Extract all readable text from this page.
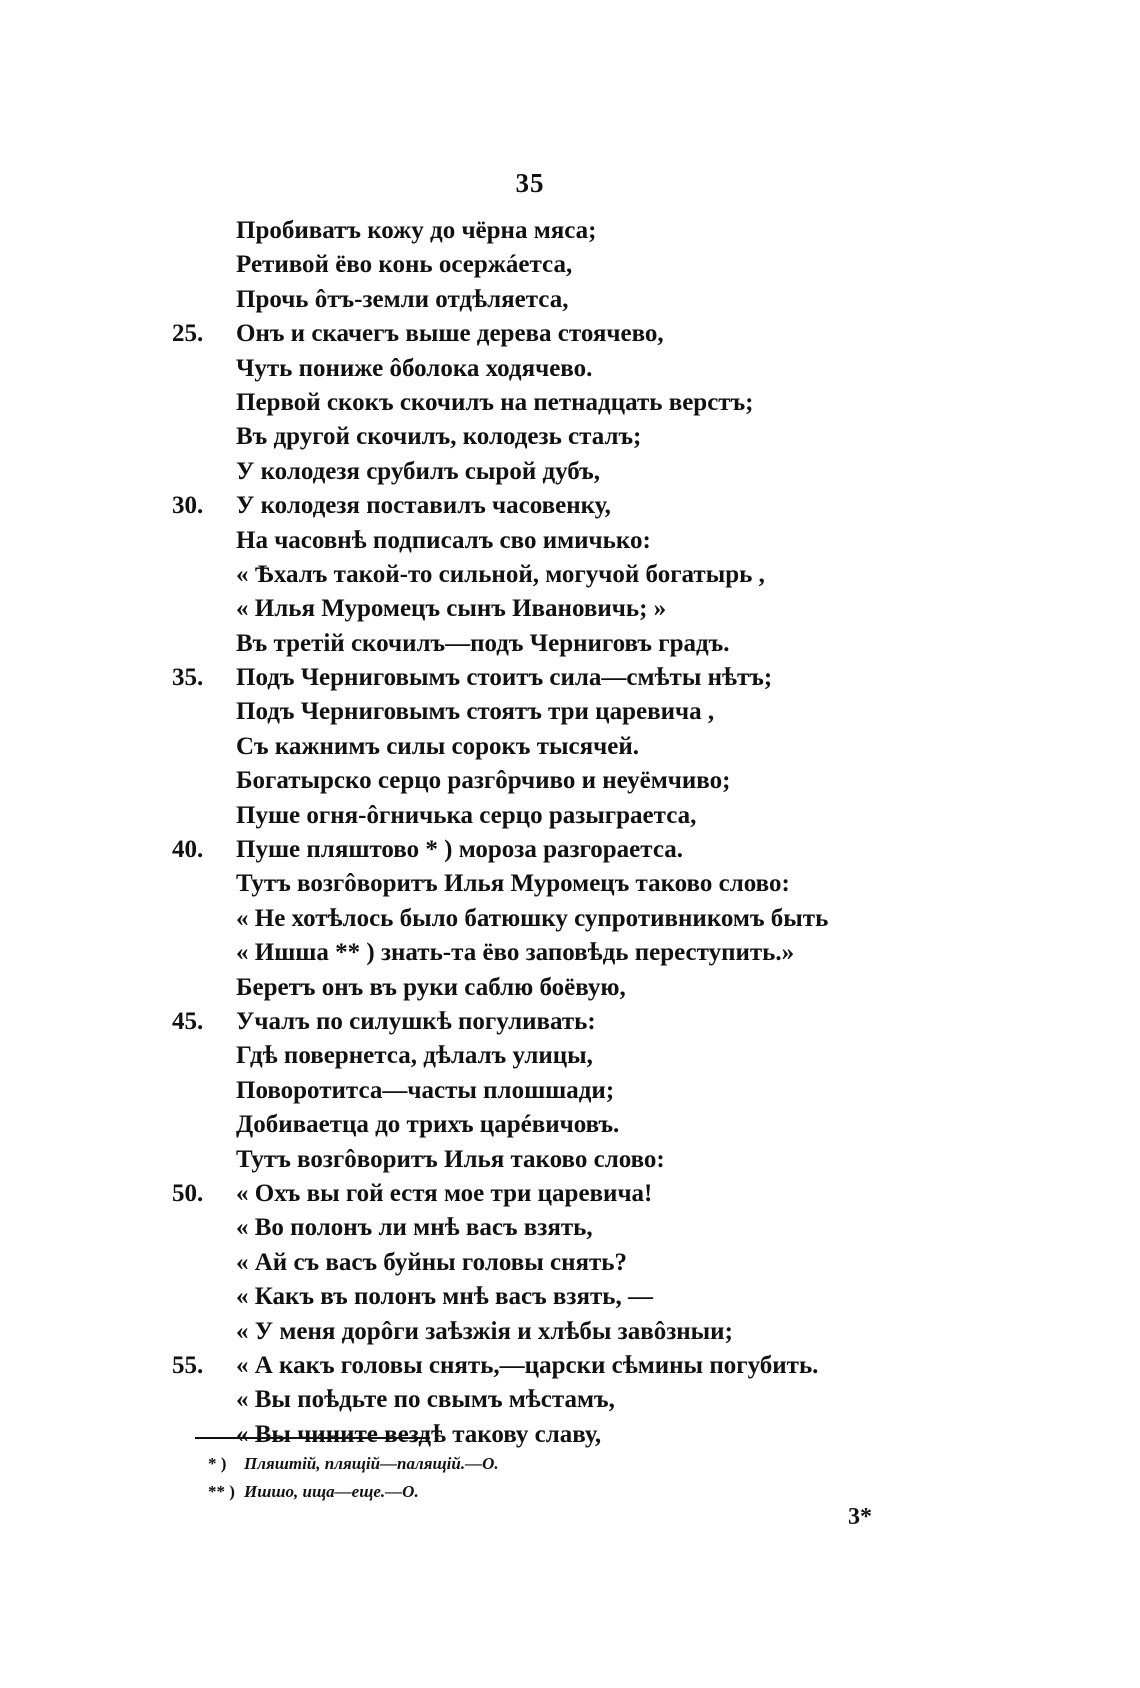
35
Пробиватъ кожу до чёрна мяса;
Ретивой ёво конь осержáетса,
Прочь ôтъ-земли отдѣляетса,
25.	Онъ и скачегъ выше дерева стоячево,
Чуть пониже ôболока ходячево.
Первой скокъ скочилъ на петнадцать верстъ;
Въ другой скочилъ, колодезь сталъ;
У колодезя срубилъ сырой дубъ,
30.	У колодезя поставилъ часовенку,
На часовнѣ подписалъ сво имичько:
« Ѣхалъ такой-то сильной, могучой богатырь ,
« Илья Муромецъ сынъ Ивановичь; »
Въ третій скочилъ—подъ Черниговъ градъ.
35.	Подъ Черниговымъ стоитъ сила—смѣты нѣтъ;
Подъ Черниговымъ стоятъ три царевича ,
Съ кажнимъ силы сорокъ тысячей.
Богатырско серцо разгôрчиво и неуёмчиво;
Пуше огня-ôгничька серцо разыграетса,
40.	Пуше пляштово * ) мороза разгораетса.
Тутъ возгôворитъ Илья Муромецъ таково слово:
« Не хотѣлось было батюшку супротивникомъ быть
« Ишша ** ) знать-та ёво заповѣдь переступить.»
Беретъ онъ въ руки саблю боёвую,
45.	Учалъ по силушкѣ погуливать:
Гдѣ повернетса, дѣлалъ улицы,
Поворотитса—часты плошшади;
Добиваетца до трихъ царéвичовъ.
Тутъ возгôворитъ Илья таково слово:
50.	« Охъ вы гой естя мое три царевича!
« Во полонъ ли мнѣ васъ взять,
« Ай съ васъ буйны головы снять?
« Какъ въ полонъ мнѣ васъ взять, —
« У меня дорôги заѣзжія и хлѣбы завôзныи;
55.	« А какъ головы снять,—царски сѣмины погубить.
« Вы поѣдьте по свымъ мѣстамъ,
« Вы чините вездѣ такову славу,
* ) Пляштій, плящій—палящій.—О.
** ) Ишшо, ища—еще.—О.
3*
